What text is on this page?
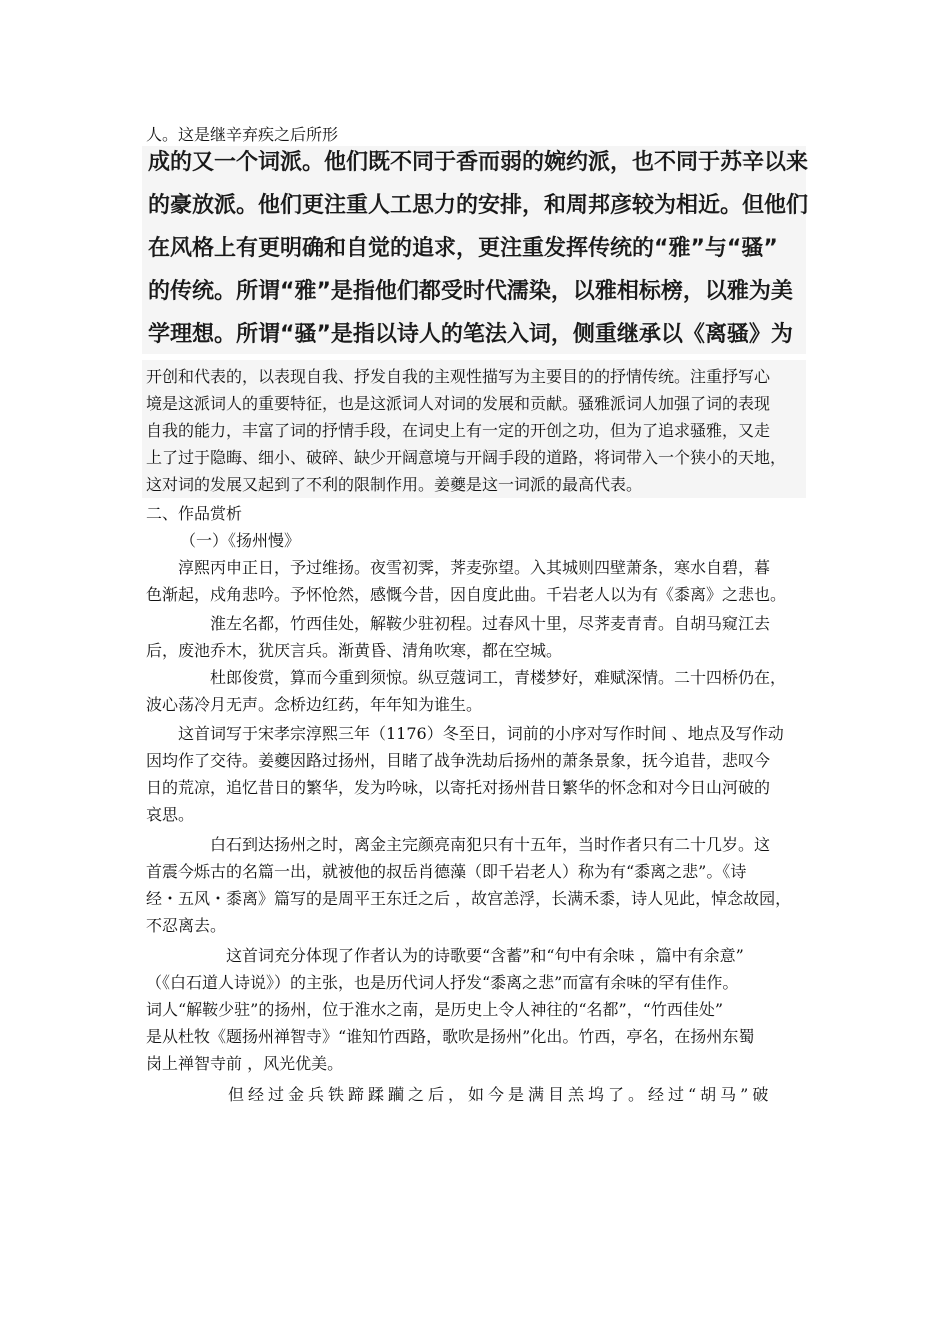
人。这是继辛弃疾之后所形
成的又一个词派。他们既不同于香而弱的婉约派，也不同于苏辛以来
的豪放派。他们更注重人工思力的安排，和周邦彦较为相近。但他们
在风格上有更明确和自觉的追求，更注重发挥传统的“雅”与“骚”
的传统。所谓“雅”是指他们都受时代濡染，以雅相标榜，以雅为美
学理想。所谓“骚”是指以诗人的笔法入词，侧重继承以《离骚》为
开创和代表的，以表现自我、抒发自我的主观性描写为主要目的的抒情传统。注重抒写心
境是这派词人的重要特征，也是这派词人对词的发展和贡献。骚雅派词人加强了词的表现
自我的能力，丰富了词的抒情手段，在词史上有一定的开创之功，但为了追求骚雅，又走
上了过于隐晦、细小、破碎、缺少开阔意境与开阔手段的道路，将词带入一个狭小的天地，
这对词的发展又起到了不利的限制作用。姜夔是这一词派的最高代表。
二、作品赏析
（一）《扬州慢》
淳熙丙申正日，予过维扬。夜雪初霁，荠麦弥望。入其城则四壁萧条，寒水自碧，暮
色渐起，戍角悲吟。予怀怆然，感慨今昔，因自度此曲。千岩老人以为有《黍离》之悲也。
淮左名都，竹西佳处，解鞍少驻初程。过春风十里，尽荠麦青青。自胡马窥江去
后，废池乔木，犹厌言兵。渐黄昏、清角吹寒，都在空城。
杜郎俊赏，算而今重到须惊。纵豆蔻词工，青楼梦好，难赋深情。二十四桥仍在，
波心荡冷月无声。念桥边红药，年年知为谁生。
这首词写于宋孝宗淳熙三年（1176）冬至日，词前的小序对写作时间 、地点及写作动
因均作了交待。姜夔因路过扬州，目睹了战争洗劫后扬州的萧条景象，抚今追昔，悲叹今
日的荒凉，追忆昔日的繁华，发为吟咏，以寄托对扬州昔日繁华的怀念和对今日山河破的
哀思。
白石到达扬州之时，离金主完颜亮南犯只有十五年，当时作者只有二十几岁。这
首震今烁古的名篇一出，就被他的叔岳肖德藻（即千岩老人）称为有“黍离之悲”。《诗
经・五风・黍离》篇写的是周平王东迁之后 ，故宫恙浮，长满禾黍，诗人见此，悼念故园，
不忍离去。
这首词充分体现了作者认为的诗歌要“含蓄”和“句中有余味 ，篇中有余意”
（《白石道人诗说》）的主张，也是历代词人抒发“黍离之悲”而富有余味的罕有佳作。
词人“解鞍少驻”的扬州，位于淮水之南，是历史上令人神往的“名都”，“竹西佳处”
是从杜牧《题扬州禅智寺》“谁知竹西路，歌吹是扬州”化出。竹西，亭名，在扬州东蜀
岗上禅智寺前 ，风光优美。
但经过金兵铁蹄蹂躏之后，如今是满目羔坞了。经过“胡马”破
